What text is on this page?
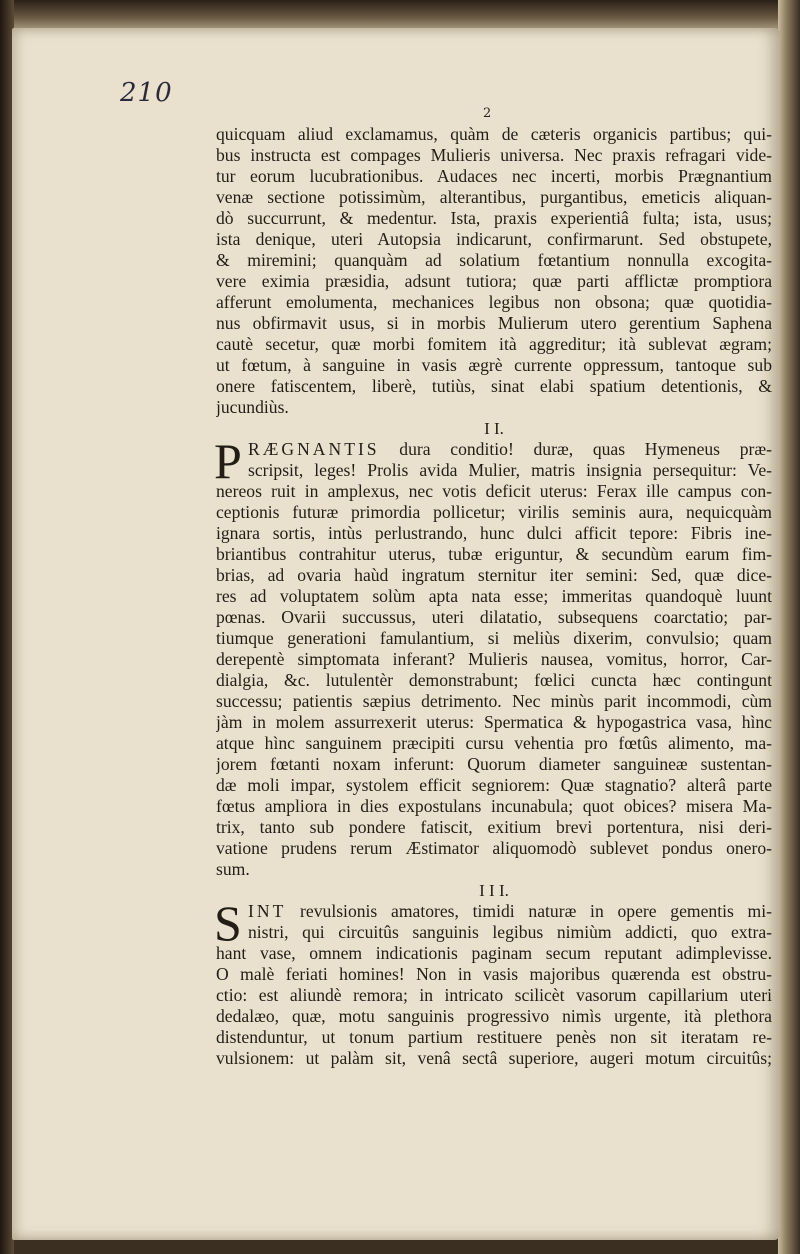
210
2
quicquam aliud exclamamus, quàm de cæteris organicis partibus; qui-
bus instructa est compages Mulieris universa. Nec praxis refragari vide-
tur eorum lucubrationibus. Audaces nec incerti, morbis Prægnantium
venæ sectione potissimùm, alterantibus, purgantibus, emeticis aliquan-
dò succurrunt, & medentur. Ista, praxis experientiâ fulta; ista, usus;
ista denique, uteri Autopsia indicarunt, confirmarunt. Sed obstupete,
& miremini; quanquàm ad solatium fœtantium nonnulla excogita-
vere eximia præsidia, adsunt tutiora; quæ parti afflictæ promptiora
afferunt emolumenta, mechanices legibus non obsona; quæ quotidia-
nus obfirmavit usus, si in morbis Mulierum utero gerentium Saphena
cautè secetur, quæ morbi fomitem ità aggreditur; ità sublevat ægram;
ut fœtum, à sanguine in vasis ægrè currente oppressum, tantoque sub
onere fatiscentem, liberè, tutiùs, sinat elabi spatium detentionis, &
jucundiùs.
I I.
P RÆGNANTIS dura conditio! duræ, quas Hymeneus præ-
scripsit, leges! Prolis avida Mulier, matris insignia persequitur: Ve-
nereos ruit in amplexus, nec votis deficit uterus: Ferax ille campus con-
ceptionis futuræ primordia pollicetur; virilis seminis aura, nequicquàm
ignara sortis, intùs perlustrando, hunc dulci afficit tepore: Fibris ine-
briantibus contrahitur uterus, tubæ eriguntur, & secundùm earum fim-
brias, ad ovaria haùd ingratum sternitur iter semini: Sed, quæ dice-
res ad voluptatem solùm apta nata esse; immeritas quandoquè luunt
pœnas. Ovarii succussus, uteri dilatatio, subsequens coarctatio; par-
tiumque generationi famulantium, si meliùs dixerim, convulsio; quam
derepentè simptomata inferant? Mulieris nausea, vomitus, horror, Car-
dialgia, &c. lutulentèr demonstrabunt; fœlici cuncta hæc contingunt
successu; patientis sæpius detrimento. Nec minùs parit incommodi, cùm
jàm in molem assurrexerit uterus: Spermatica & hypogastrica vasa, hìnc
atque hìnc sanguinem præcipiti cursu vehentia pro fœtûs alimento, ma-
jorem fœtanti noxam inferunt: Quorum diameter sanguineæ sustentan-
dæ moli impar, systolem efficit segniorem: Quæ stagnatio? alterâ parte
fœtus ampliora in dies expostulans incunabula; quot obices? misera Ma-
trix, tanto sub pondere fatiscit, exitium brevi portentura, nisi deri-
vatione prudens rerum Æstimator aliquomodò sublevet pondus onero-
sum.
I I I.
S INT revulsionis amatores, timidi naturæ in opere gementis mi-
nistri, qui circuitûs sanguinis legibus nimiùm addicti, quo extra-
hant vase, omnem indicationis paginam secum reputant adimplevisse.
O malè feriati homines! Non in vasis majoribus quærenda est obstru-
ctio: est aliundè remora; in intricato scilicèt vasorum capillarium uteri
dedalæo, quæ, motu sanguinis progressivo nimìs urgente, ità plethora
distenduntur, ut tonum partium restituere penès non sit iteratam re-
vulsionem: ut palàm sit, venâ sectâ superiore, augeri motum circuitûs;
